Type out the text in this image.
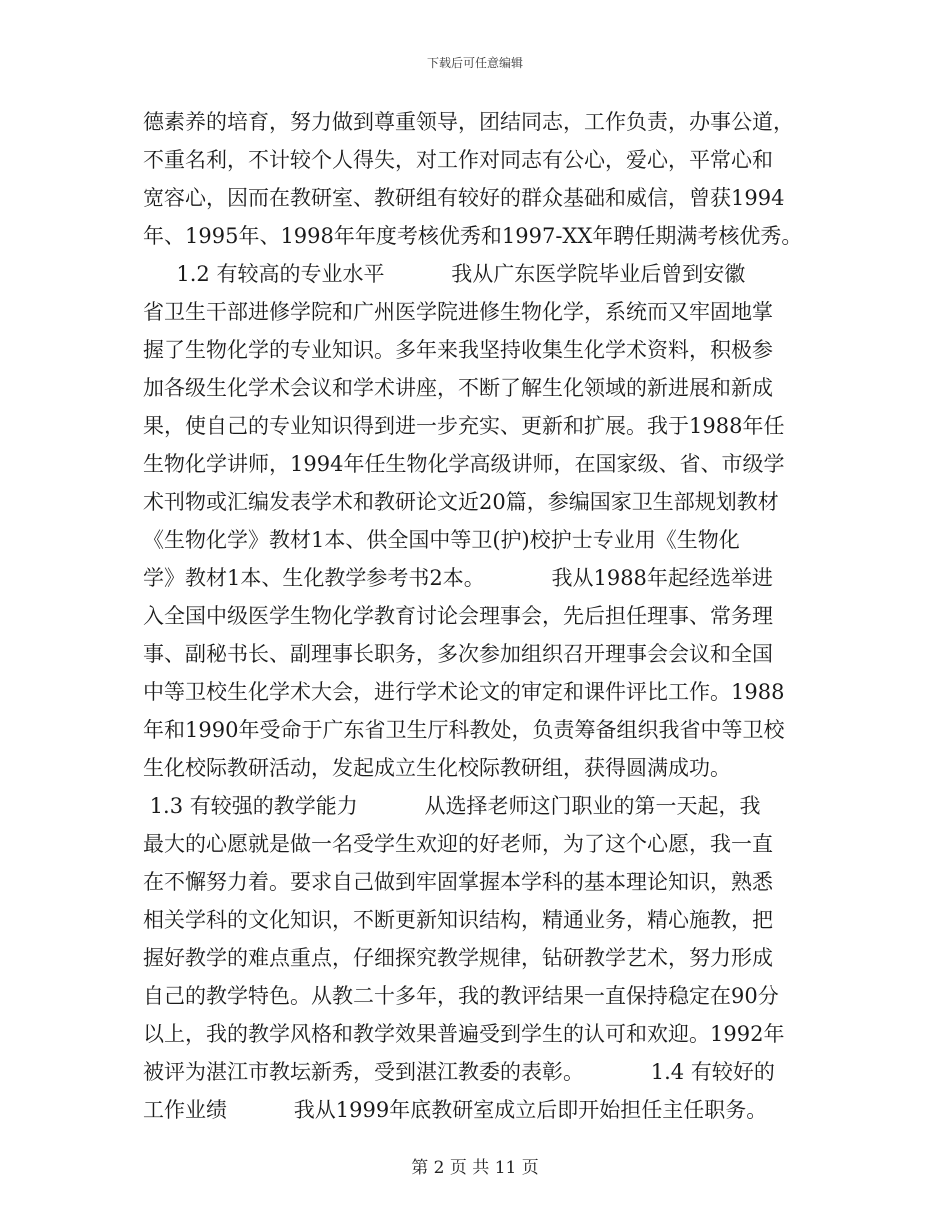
下载后可任意编辑
德素养的培育，努力做到尊重领导，团结同志，工作负责，办事公道，
不重名利，不计较个人得失，对工作对同志有公心，爱心，平常心和
宽容心，因而在教研室、教研组有较好的群众基础和威信，曾获1994
年、1995年、1998年年度考核优秀和1997-XX年聘任期满考核优秀。
1.2 有较高的专业水平          我从广东医学院毕业后曾到安徽
省卫生干部进修学院和广州医学院进修生物化学，系统而又牢固地掌
握了生物化学的专业知识。多年来我坚持收集生化学术资料，积极参
加各级生化学术会议和学术讲座，不断了解生化领域的新进展和新成
果，使自己的专业知识得到进一步充实、更新和扩展。我于1988年任
生物化学讲师，1994年任生物化学高级讲师，在国家级、省、市级学
术刊物或汇编发表学术和教研论文近20篇，参编国家卫生部规划教材
《生物化学》教材1本、供全国中等卫(护)校护士专业用《生物化
学》教材1本、生化教学参考书2本。          我从1988年起经选举进
入全国中级医学生物化学教育讨论会理事会，先后担任理事、常务理
事、副秘书长、副理事长职务，多次参加组织召开理事会会议和全国
中等卫校生化学术大会，进行学术论文的审定和课件评比工作。1988
年和1990年受命于广东省卫生厅科教处，负责筹备组织我省中等卫校
生化校际教研活动，发起成立生化校际教研组，获得圆满成功。
1.3 有较强的教学能力          从选择老师这门职业的第一天起，我
最大的心愿就是做一名受学生欢迎的好老师，为了这个心愿，我一直
在不懈努力着。要求自己做到牢固掌握本学科的基本理论知识，熟悉
相关学科的文化知识，不断更新知识结构，精通业务，精心施教，把
握好教学的难点重点，仔细探究教学规律，钻研教学艺术，努力形成
自己的教学特色。从教二十多年，我的教评结果一直保持稳定在90分
以上，我的教学风格和教学效果普遍受到学生的认可和欢迎。1992年
被评为湛江市教坛新秀，受到湛江教委的表彰。          1.4 有较好的
工作业绩          我从1999年底教研室成立后即开始担任主任职务。
第 2 页 共 11 页
